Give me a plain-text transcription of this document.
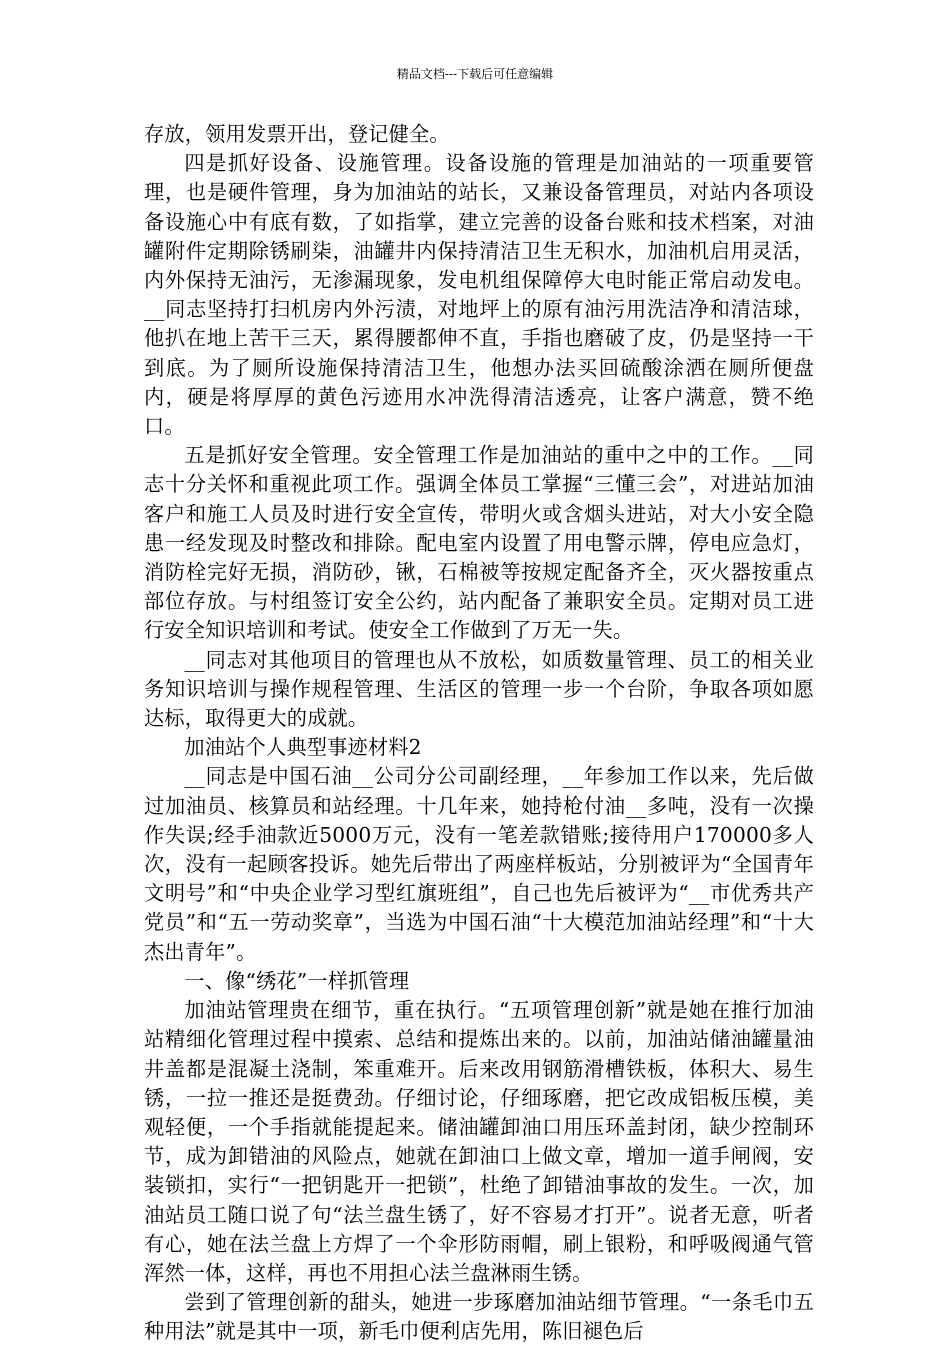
精品文档---下载后可任意编辑

存放，领用发票开出，登记健全。

四是抓好设备、设施管理。设备设施的管理是加油站的一项重要管理，也是硬件管理，身为加油站的站长，又兼设备管理员，对站内各项设备设施心中有底有数，了如指掌，建立完善的设备台账和技术档案，对油罐附件定期除锈刷柒，油罐井内保持清洁卫生无积水，加油机启用灵活，内外保持无油污，无渗漏现象，发电机组保障停大电时能正常启动发电。__同志坚持打扫机房内外污渍，对地坪上的原有油污用洗洁净和清洁球，他扒在地上苦干三天，累得腰都伸不直，手指也磨破了皮，仍是坚持一干到底。为了厕所设施保持清洁卫生，他想办法买回硫酸涂洒在厕所便盘内，硬是将厚厚的黄色污迹用水冲洗得清洁透亮，让客户满意，赞不绝口。

五是抓好安全管理。安全管理工作是加油站的重中之中的工作。__同志十分关怀和重视此项工作。强调全体员工掌握“三懂三会”，对进站加油客户和施工人员及时进行安全宣传，带明火或含烟头进站，对大小安全隐患一经发现及时整改和排除。配电室内设置了用电警示牌，停电应急灯，消防栓完好无损，消防砂，锹，石棉被等按规定配备齐全，灭火器按重点部位存放。与村组签订安全公约，站内配备了兼职安全员。定期对员工进行安全知识培训和考试。使安全工作做到了万无一失。

__同志对其他项目的管理也从不放松，如质数量管理、员工的相关业务知识培训与操作规程管理、生活区的管理一步一个台阶，争取各项如愿达标，取得更大的成就。

加油站个人典型事迹材料2

__同志是中国石油__公司分公司副经理，__年参加工作以来，先后做过加油员、核算员和站经理。十几年来，她持枪付油__多吨，没有一次操作失误;经手油款近5000万元，没有一笔差款错账;接待用户170000多人次，没有一起顾客投诉。她先后带出了两座样板站，分别被评为“全国青年文明号”和“中央企业学习型红旗班组”，自己也先后被评为“__市优秀共产党员”和“五一劳动奖章”，当选为中国石油“十大模范加油站经理”和“十大杰出青年”。

一、像“绣花”一样抓管理

加油站管理贵在细节，重在执行。“五项管理创新”就是她在推行加油站精细化管理过程中摸索、总结和提炼出来的。以前，加油站储油罐量油井盖都是混凝土浇制，笨重难开。后来改用钢筋滑槽铁板，体积大、易生锈，一拉一推还是挺费劲。仔细讨论，仔细琢磨，把它改成铝板压模，美观轻便，一个手指就能提起来。储油罐卸油口用压环盖封闭，缺少控制环节，成为卸错油的风险点，她就在卸油口上做文章，增加一道手闸阀，安装锁扣，实行“一把钥匙开一把锁”，杜绝了卸错油事故的发生。一次，加油站员工随口说了句“法兰盘生锈了，好不容易才打开”。说者无意，听者有心，她在法兰盘上方焊了一个伞形防雨帽，刷上银粉，和呼吸阀通气管浑然一体，这样，再也不用担心法兰盘淋雨生锈。

尝到了管理创新的甜头，她进一步琢磨加油站细节管理。“一条毛巾五种用法”就是其中一项，新毛巾便利店先用，陈旧褪色后
